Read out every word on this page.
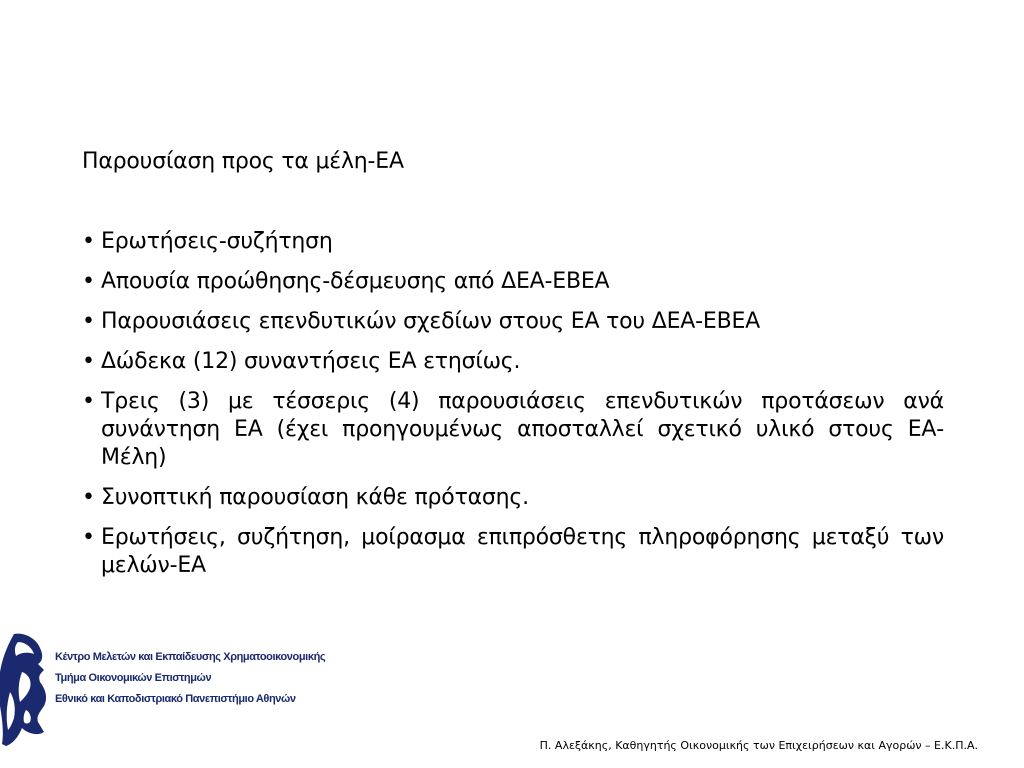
Παρουσίαση προς τα μέλη-ΕΑ
• Ερωτήσεις-συζήτηση
• Απουσία προώθησης-δέσμευσης από ΔΕΑ-ΕΒΕΑ
• Παρουσιάσεις επενδυτικών σχεδίων στους ΕΑ του ΔΕΑ-ΕΒΕΑ
• Δώδεκα (12) συναντήσεις ΕΑ ετησίως.
• Τρεις (3) με τέσσερις (4) παρουσιάσεις επενδυτικών προτάσεων ανά συνάντηση ΕΑ (έχει προηγουμένως αποσταλλεί σχετικό υλικό στους ΕΑ-Μέλη)
• Συνοπτική παρουσίαση κάθε πρότασης.
• Ερωτήσεις, συζήτηση, μοίρασμα επιπρόσθετης πληροφόρησης μεταξύ των μελών-ΕΑ
Κέντρο Μελετών και Εκπαίδευσης Χρηματοοικονομικής
Τμήμα Οικονομικών Επιστημών
Εθνικό και Καποδιστριακό Πανεπιστήμιο Αθηνών
Π. Αλεξάκης, Καθηγητής Οικονομικής των Επιχειρήσεων και Αγορών – Ε.Κ.Π.Α.
